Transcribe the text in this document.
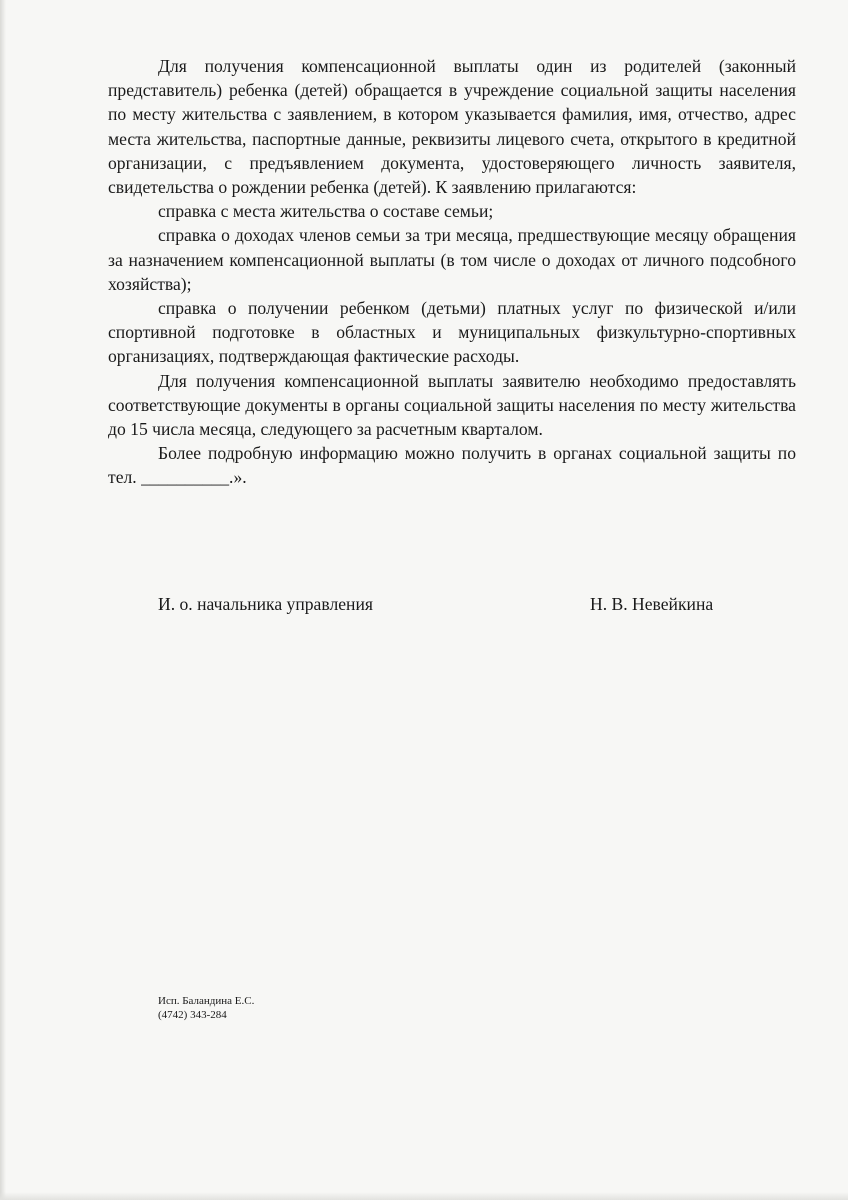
Для получения компенсационной выплаты один из родителей (законный представитель) ребенка (детей) обращается в учреждение социальной защиты населения по месту жительства с заявлением, в котором указывается фамилия, имя, отчество, адрес места жительства, паспортные данные, реквизиты лицевого счета, открытого в кредитной организации, с предъявлением документа, удостоверяющего личность заявителя, свидетельства о рождении ребенка (детей). К заявлению прилагаются:

справка с места жительства о составе семьи;

справка о доходах членов семьи за три месяца, предшествующие месяцу обращения за назначением компенсационной выплаты (в том числе о доходах от личного подсобного хозяйства);

справка о получении ребенком (детьми) платных услуг по физической и/или спортивной подготовке в областных и муниципальных физкультурно-спортивных организациях, подтверждающая фактические расходы.

Для получения компенсационной выплаты заявителю необходимо предоставлять соответствующие документы в органы социальной защиты населения по месту жительства до 15 числа месяца, следующего за расчетным кварталом.

Более подробную информацию можно получить в органах социальной защиты по тел. __________.».

И. о. начальника управления	Н. В. Невейкина
Исп. Баландина Е.С.
(4742) 343-284
